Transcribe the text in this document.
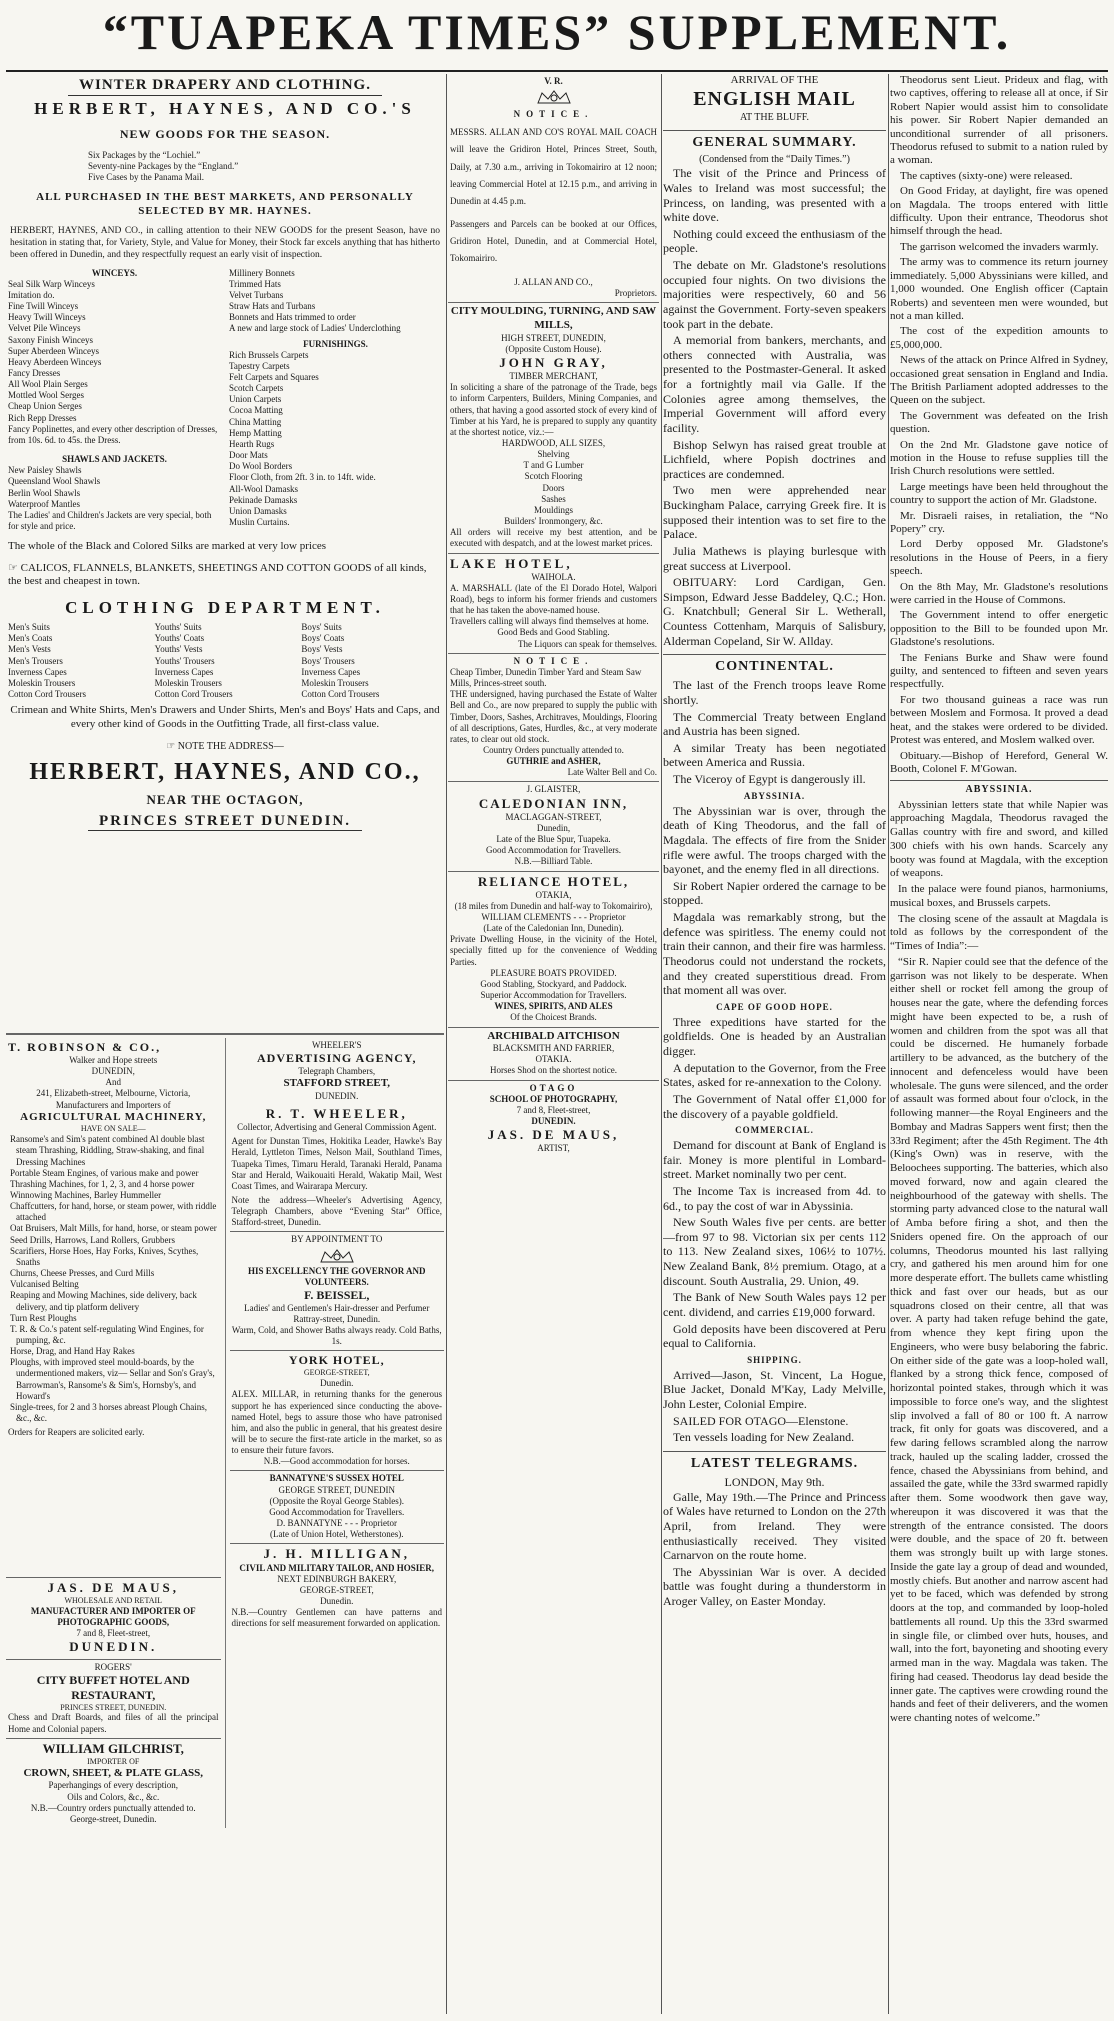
“TUAPEKA TIMES” SUPPLEMENT.
WINTER DRAPERY AND CLOTHING.
HERBERT, HAYNES, AND CO.'S
NEW GOODS FOR THE SEASON.
Six Packages by the “Lochiel.”
Seventy-nine Packages by the “England.”
Five Cases by the Panama Mail.
ALL PURCHASED IN THE BEST MARKETS, AND PERSONALLY SELECTED BY MR. HAYNES.
HERBERT, HAYNES, AND CO., in calling attention to their NEW GOODS for the present Season, have no hesitation in stating that, for Variety, Style, and Value for Money, their Stock far excels anything that has hitherto been offered in Dunedin, and they respectfully request an early visit of inspection.
WINCEYS.
Seal Silk Warp Winceys
Imitation do.
Fine Twill Winceys
Heavy Twill Winceys
Velvet Pile Winceys
Saxony Finish Winceys
Super Aberdeen Winceys
Heavy Aberdeen Winceys
Fancy Dresses
All Wool Plain Serges
Mottled Wool Serges
Cheap Union Serges
Rich Repp Dresses
Fancy Poplinettes, and every other description of Dresses, from 10s. 6d. to 45s. the Dress.
SHAWLS AND JACKETS.
New Paisley Shawls
Queensland Wool Shawls
Berlin Wool Shawls
Waterproof Mantles
The Ladies' and Children's Jackets are very special, both for style and price.
Millinery Bonnets
Trimmed Hats
Velvet Turbans
Straw Hats and Turbans
Bonnets and Hats trimmed to order
A new and large stock of Ladies' Underclothing
FURNISHINGS.
Rich Brussels Carpets
Tapestry Carpets
Felt Carpets and Squares
Scotch Carpets
Union Carpets
Cocoa Matting
China Matting
Hemp Matting
Hearth Rugs
Door Mats
Do Wool Borders
Floor Cloth, from 2ft. 3 in. to 14ft. wide.
All-Wool Damasks
Pekinade Damasks
Union Damasks
Muslin Curtains.
The whole of the Black and Colored Silks are marked at very low prices
☞ CALICOS, FLANNELS, BLANKETS, SHEETINGS AND COTTON GOODS of all kinds, the best and cheapest in town.
CLOTHING DEPARTMENT.
Men's Suits
Men's Coats
Men's Vests
Men's Trousers
Inverness Capes
Moleskin Trousers
Cotton Cord Trousers
Youths' Suits
Youths' Coats
Youths' Vests
Youths' Trousers
Inverness Capes
Moleskin Trousers
Cotton Cord Trousers
Boys' Suits
Boys' Coats
Boys' Vests
Boys' Trousers
Inverness Capes
Moleskin Trousers
Cotton Cord Trousers
Crimean and White Shirts, Men's Drawers and Under Shirts, Men's and Boys' Hats and Caps, and every other kind of Goods in the Outfitting Trade, all first-class value.
☞ NOTE THE ADDRESS—
HERBERT, HAYNES, AND CO.,
NEAR THE OCTAGON,
PRINCES STREET DUNEDIN.
T. ROBINSON & CO.,
Walker and Hope streets
DUNEDIN,
And
241, Elizabeth-street, Melbourne, Victoria,
Manufacturers and Importers of
AGRICULTURAL MACHINERY,
HAVE ON SALE—
Ransome's and Sim's patent combined Al double blast steam Thrashing, Riddling, Straw-shaking, and final Dressing Machines
Portable Steam Engines, of various make and power
Thrashing Machines, for 1, 2, 3, and 4 horse power
Winnowing Machines, Barley Hummeller
Chaffcutters, for hand, horse, or steam power, with riddle attached
Oat Bruisers, Malt Mills, for hand, horse, or steam power
Seed Drills, Harrows, Land Rollers, Grubbers
Scarifiers, Horse Hoes, Hay Forks, Knives, Scythes, Snaths
Churns, Cheese Presses, and Curd Mills
Vulcanised Belting
Reaping and Mowing Machines, side delivery, back delivery, and tip platform delivery
Turn Rest Ploughs
T. R. & Co.'s patent self-regulating Wind Engines, for pumping, &c.
Horse, Drag, and Hand Hay Rakes
Ploughs, with improved steel mould-boards, by the undermentioned makers, viz— Sellar and Son's Gray's, Barrowman's, Ransome's & Sim's, Hornsby's, and Howard's
Single-trees, for 2 and 3 horses abreast Plough Chains, &c., &c.
Orders for Reapers are solicited early.
JAS. DE MAUS,
WHOLESALE AND RETAIL
MANUFACTURER AND IMPORTER OF PHOTOGRAPHIC GOODS,
7 and 8, Fleet-street,
DUNEDIN.
ROGERS'
CITY BUFFET HOTEL AND RESTAURANT,
PRINCES STREET, DUNEDIN.
Chess and Draft Boards, and files of all the principal Home and Colonial papers.
WILLIAM GILCHRIST,
IMPORTER OF
CROWN, SHEET, & PLATE GLASS,
Paperhangings of every description,
Oils and Colors, &c., &c.
N.B.—Country orders punctually attended to.
George-street, Dunedin.
WHEELER'S
ADVERTISING AGENCY,
Telegraph Chambers,
STAFFORD STREET,
DUNEDIN.
R. T. WHEELER,
Collector, Advertising and General Commission Agent.
Agent for Dunstan Times, Hokitika Leader, Hawke's Bay Herald, Lyttleton Times, Nelson Mail, Southland Times, Tuapeka Times, Timaru Herald, Taranaki Herald, Panama Star and Herald, Waikouaiti Herald, Wakatip Mail, West Coast Times, and Wairarapa Mercury.
Note the address—Wheeler's Advertising Agency, Telegraph Chambers, above “Evening Star” Office, Stafford-street, Dunedin.
BY APPOINTMENT TO
HIS EXCELLENCY THE GOVERNOR AND VOLUNTEERS.
F. BEISSEL,
Ladies' and Gentlemen's Hair-dresser and Perfumer
Rattray-street, Dunedin.
Warm, Cold, and Shower Baths always ready. Cold Baths, 1s.
YORK HOTEL,
GEORGE-STREET,
Dunedin.
ALEX. MILLAR, in returning thanks for the generous support he has experienced since conducting the above-named Hotel, begs to assure those who have patronised him, and also the public in general, that his greatest desire will be to secure the first-rate article in the market, so as to ensure their future favors.
N.B.—Good accommodation for horses.
BANNATYNE'S SUSSEX HOTEL
GEORGE STREET, DUNEDIN
(Opposite the Royal George Stables).
Good Accommodation for Travellers.
D. BANNATYNE - - - Proprietor
(Late of Union Hotel, Wetherstones).
J. H. MILLIGAN,
CIVIL AND MILITARY TAILOR, AND HOSIER,
NEXT EDINBURGH BAKERY,
GEORGE-STREET,
Dunedin.
N.B.—Country Gentlemen can have patterns and directions for self measurement forwarded on application.
V. R.
NOTICE.
MESSRS. ALLAN AND CO'S ROYAL MAIL COACH will leave the Gridiron Hotel, Princes Street, South, Daily, at 7.30 a.m., arriving in Tokomairiro at 12 noon; leaving Commercial Hotel at 12.15 p.m., and arriving in Dunedin at 4.45 p.m.
Passengers and Parcels can be booked at our Offices, Gridiron Hotel, Dunedin, and at Commercial Hotel, Tokomairiro.
J. ALLAN AND CO.,
Proprietors.
CITY MOULDING, TURNING, AND SAW MILLS,
HIGH STREET, DUNEDIN,
(Opposite Custom House).
JOHN GRAY,
TIMBER MERCHANT,
In soliciting a share of the patronage of the Trade, begs to inform Carpenters, Builders, Mining Companies, and others, that having a good assorted stock of every kind of Timber at his Yard, he is prepared to supply any quantity at the shortest notice, viz.:—
HARDWOOD, ALL SIZES,
Shelving
T and G Lumber
Scotch Flooring
Doors
Sashes
Mouldings
Builders' Ironmongery, &c.
All orders will receive my best attention, and be executed with despatch, and at the lowest market prices.
LAKE HOTEL,
WAIHOLA.
A. MARSHALL (late of the El Dorado Hotel, Walpori Road), begs to inform his former friends and customers that he has taken the above-named house.
Travellers calling will always find themselves at home.
Good Beds and Good Stabling.
The Liquors can speak for themselves.
NOTICE.
Cheap Timber, Dunedin Timber Yard and Steam Saw Mills, Princes-street south.
THE undersigned, having purchased the Estate of Walter Bell and Co., are now prepared to supply the public with Timber, Doors, Sashes, Architraves, Mouldings, Flooring of all descriptions, Gates, Hurdles, &c., at very moderate rates, to clear out old stock.
Country Orders punctually attended to.
GUTHRIE and ASHER,
Late Walter Bell and Co.
J. GLAISTER,
CALEDONIAN INN,
MACLAGGAN-STREET,
Dunedin,
Late of the Blue Spur, Tuapeka.
Good Accommodation for Travellers.
N.B.—Billiard Table.
RELIANCE HOTEL,
OTAKIA,
(18 miles from Dunedin and half-way to Tokomairiro),
WILLIAM CLEMENTS - - - Proprietor
(Late of the Caledonian Inn, Dunedin).
Private Dwelling House, in the vicinity of the Hotel, specially fitted up for the convenience of Wedding Parties.
PLEASURE BOATS PROVIDED.
Good Stabling, Stockyard, and Paddock.
Superior Accommodation for Travellers.
WINES, SPIRITS, AND ALES
Of the Choicest Brands.
ARCHIBALD AITCHISON
BLACKSMITH AND FARRIER,
OTAKIA.
Horses Shod on the shortest notice.
OTAGO
SCHOOL OF PHOTOGRAPHY,
7 and 8, Fleet-street,
DUNEDIN.
JAS. DE MAUS,
ARTIST,
ARRIVAL OF THE
ENGLISH MAIL
AT THE BLUFF.
GENERAL SUMMARY.
(Condensed from the “Daily Times.”)

The visit of the Prince and Princess of Wales to Ireland was most successful; the Princess, on landing, was presented with a white dove.

Nothing could exceed the enthusiasm of the people.

The debate on Mr. Gladstone's resolutions occupied four nights. On two divisions the majorities were respectively, 60 and 56 against the Government. Forty-seven speakers took part in the debate.

A memorial from bankers, merchants, and others connected with Australia, was presented to the Postmaster-General. It asked for a fortnightly mail via Galle. If the Colonies agree among themselves, the Imperial Government will afford every facility.

Bishop Selwyn has raised great trouble at Lichfield, where Popish doctrines and practices are condemned.

Two men were apprehended near Buckingham Palace, carrying Greek fire. It is supposed their intention was to set fire to the Palace.

Julia Mathews is playing burlesque with great success at Liverpool.

OBITUARY: Lord Cardigan, Gen. Simpson, Edward Jesse Baddeley, Q.C.; Hon. G. Knatchbull; General Sir L. Wetherall, Countess Cottenham, Marquis of Salisbury, Alderman Copeland, Sir W. Allday.

CONTINENTAL.

The last of the French troops leave Rome shortly.

The Commercial Treaty between England and Austria has been signed.

A similar Treaty has been negotiated between America and Russia.

The Viceroy of Egypt is dangerously ill.

ABYSSINIA.

The Abyssinian war is over, through the death of King Theodorus, and the fall of Magdala. The effects of fire from the Snider rifle were awful. The troops charged with the bayonet, and the enemy fled in all directions.

Sir Robert Napier ordered the carnage to be stopped.

Magdala was remarkably strong, but the defence was spiritless. The enemy could not train their cannon, and their fire was harmless. Theodorus could not understand the rockets, and they created superstitious dread. From that moment all was over.

CAPE OF GOOD HOPE.

Three expeditions have started for the goldfields. One is headed by an Australian digger.

A deputation to the Governor, from the Free States, asked for re-annexation to the Colony.

The Government of Natal offer £1,000 for the discovery of a payable goldfield.

COMMERCIAL.

Demand for discount at Bank of England is fair. Money is more plentiful in Lombard-street. Market nominally two per cent.

The Income Tax is increased from 4d. to 6d., to pay the cost of war in Abyssinia.

New South Wales five per cents. are better—from 97 to 98. Victorian six per cents 112 to 113. New Zealand sixes, 106½ to 107½. New Zealand Bank, 8½ premium. Otago, at a discount. South Australia, 29. Union, 49.

The Bank of New South Wales pays 12 per cent. dividend, and carries £19,000 forward.

Gold deposits have been discovered at Peru equal to California.

SHIPPING.

Arrived—Jason, St. Vincent, La Hogue, Blue Jacket, Donald M'Kay, Lady Melville, John Lester, Colonial Empire.

SAILED FOR OTAGO—Elenstone.

Ten vessels loading for New Zealand.

LATEST TELEGRAMS.
LONDON, May 9th.

Galle, May 19th.—The Prince and Princess of Wales have returned to London on the 27th April, from Ireland. They were enthusiastically received. They visited Carnarvon on the route home.

The Abyssinian War is over. A decided battle was fought during a thunderstorm in Aroger Valley, on Easter Monday.

Theodorus sent Lieut. Prideux and flag, with two captives, offering to release all at once, if Sir Robert Napier would assist him to consolidate his power. Sir Robert Napier demanded an unconditional surrender of all prisoners. Theodorus refused to submit to a nation ruled by a woman.

The captives (sixty-one) were released.

On Good Friday, at daylight, fire was opened on Magdala. The troops entered with little difficulty. Upon their entrance, Theodorus shot himself through the head.

The garrison welcomed the invaders warmly.

The army was to commence its return journey immediately. 5,000 Abyssinians were killed, and 1,000 wounded. One English officer (Captain Roberts) and seventeen men were wounded, but not a man killed.

The cost of the expedition amounts to £5,000,000.

News of the attack on Prince Alfred in Sydney, occasioned great sensation in England and India. The British Parliament adopted addresses to the Queen on the subject.

The Government was defeated on the Irish question.

On the 2nd Mr. Gladstone gave notice of motion in the House to refuse supplies till the Irish Church resolutions were settled.

Large meetings have been held throughout the country to support the action of Mr. Gladstone.

Mr. Disraeli raises, in retaliation, the “No Popery” cry.

Lord Derby opposed Mr. Gladstone's resolutions in the House of Peers, in a fiery speech.

On the 8th May, Mr. Gladstone's resolutions were carried in the House of Commons.

The Government intend to offer energetic opposition to the Bill to be founded upon Mr. Gladstone's resolutions.

The Fenians Burke and Shaw were found guilty, and sentenced to fifteen and seven years respectfully.

For two thousand guineas a race was run between Moslem and Formosa. It proved a dead heat, and the stakes were ordered to be divided. Protest was entered, and Moslem walked over.

Obituary.—Bishop of Hereford, General W. Booth, Colonel F. M'Gowan.

ABYSSINIA.

Abyssinian letters state that while Napier was approaching Magdala, Theodorus ravaged the Gallas country with fire and sword, and killed 300 chiefs with his own hands. Scarcely any booty was found at Magdala, with the exception of weapons.

In the palace were found pianos, harmoniums, musical boxes, and Brussels carpets.

The closing scene of the assault at Magdala is told as follows by the correspondent of the “Times of India”:—

“Sir R. Napier could see that the defence of the garrison was not likely to be desperate. When either shell or rocket fell among the group of houses near the gate, where the defending forces might have been expected to be, a rush of women and children from the spot was all that could be discerned. He humanely forbade artillery to be advanced, as the butchery of the innocent and defenceless would have been wholesale. The guns were silenced, and the order of assault was formed about four o'clock, in the following manner—the Royal Engineers and the Bombay and Madras Sappers went first; then the 33rd Regiment; after the 45th Regiment. The 4th (King's Own) was in reserve, with the Beloochees supporting. The batteries, which also moved forward, now and again cleared the neighbourhood of the gateway with shells. The storming party advanced close to the natural wall of Amba before firing a shot, and then the Sniders opened fire. On the approach of our columns, Theodorus mounted his last rallying cry, and gathered his men around him for one more desperate effort. The bullets came whistling thick and fast over our heads, but as our squadrons closed on their centre, all that was over. A party had taken refuge behind the gate, from whence they kept firing upon the Engineers, who were busy belaboring the fabric. On either side of the gate was a loop-holed wall, flanked by a strong thick fence, composed of horizontal pointed stakes, through which it was impossible to force one's way, and the slightest slip involved a fall of 80 or 100 ft. A narrow track, fit only for goats was discovered, and a few daring fellows scrambled along the narrow track, hauled up the scaling ladder, crossed the fence, chased the Abyssinians from behind, and assailed the gate, while the 33rd swarmed rapidly after them. Some woodwork then gave way, whereupon it was discovered it was that the strength of the entrance consisted. The doors were double, and the space of 20 ft. between them was strongly built up with large stones. Inside the gate lay a group of dead and wounded, mostly chiefs. But another and narrow ascent had yet to be faced, which was defended by strong doors at the top, and commanded by loop-holed battlements all round. Up this the 33rd swarmed in single file, or climbed over huts, houses, and wall, into the fort, bayoneting and shooting every armed man in the way. Magdala was taken. The firing had ceased. Theodorus lay dead beside the inner gate. The captives were crowding round the hands and feet of their deliverers, and the women were chanting notes of welcome.”
